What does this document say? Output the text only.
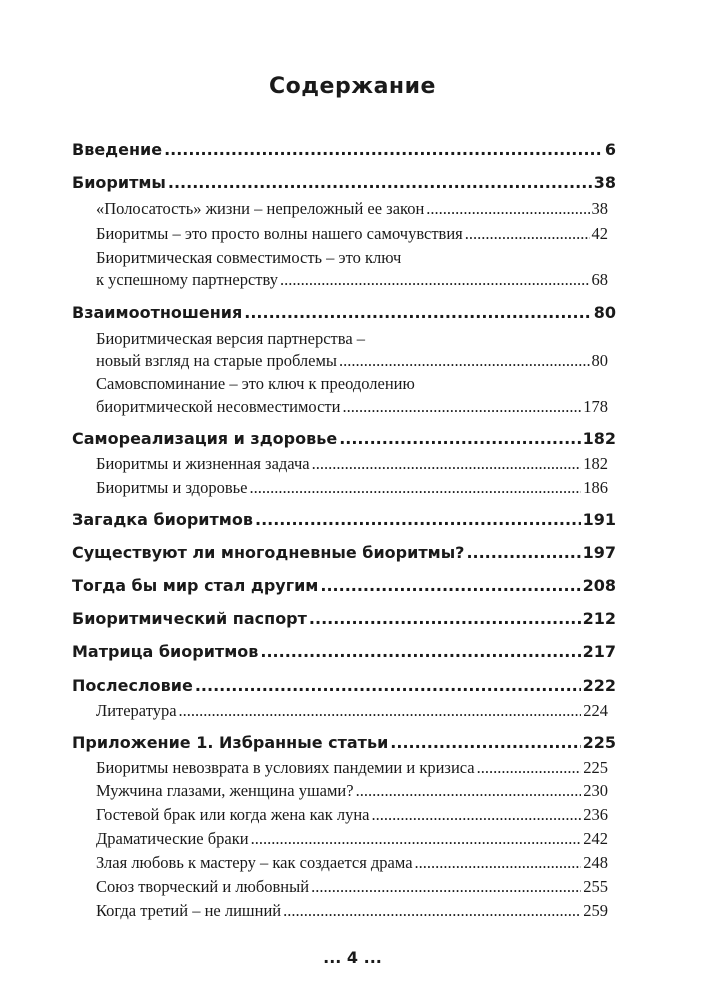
Содержание
Введение .....	6
Биоритмы .....	38
«Полосатость» жизни – непреложный ее закон .....	38
Биоритмы – это просто волны нашего самочувствия .....	42
Биоритмическая совместимость – это ключ
к успешному партнерству .....	68
Взаимоотношения .....	80
Биоритмическая версия партнерства –
новый взгляд на старые проблемы .....	80
Самовспоминание – это ключ к преодолению
биоритмической несовместимости .....	178
Самореализация и здоровье .....	182
Биоритмы и жизненная задача .....	182
Биоритмы и здоровье .....	186
Загадка биоритмов .....	191
Существуют ли многодневные биоритмы? .....	197
Тогда бы мир стал другим .....	208
Биоритмический паспорт .....	212
Матрица биоритмов .....	217
Послесловие .....	222
Литература .....	224
Приложение 1. Избранные статьи .....	225
Биоритмы невозврата в условиях пандемии и кризиса .....	225
Мужчина глазами, женщина ушами? .....	230
Гостевой брак или когда жена как луна .....	236
Драматические браки .....	242
Злая любовь к мастеру – как создается драма .....	248
Союз творческий и любовный .....	255
Когда третий – не лишний .....	259
... 4 ...
